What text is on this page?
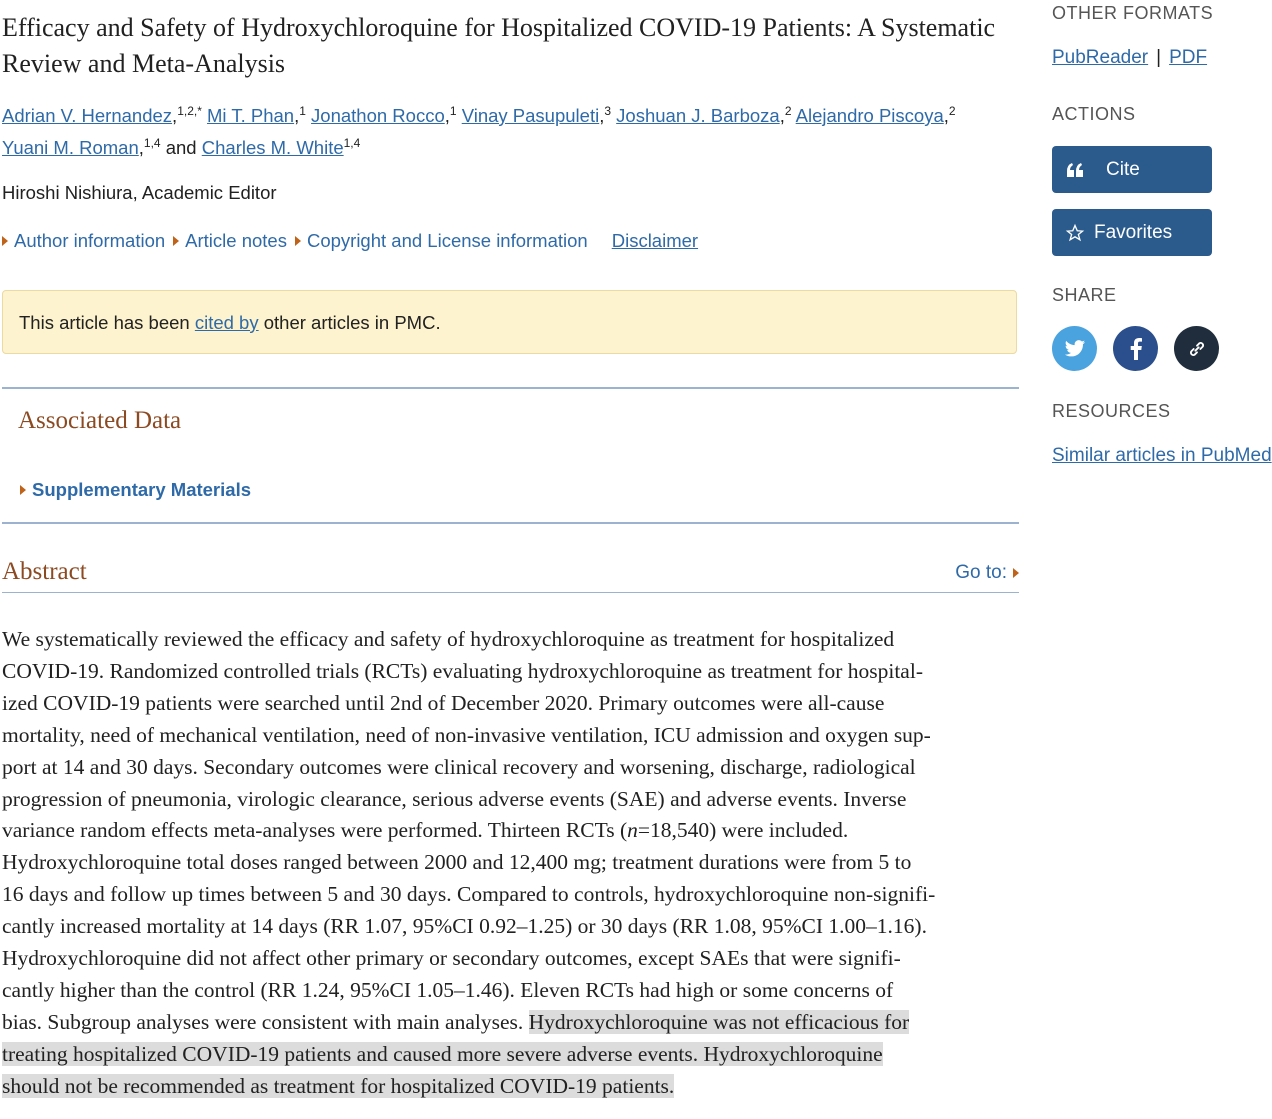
Efficacy and Safety of Hydroxychloroquine for Hospitalized COVID-19 Patients: A Systematic Review and Meta-Analysis
Adrian V. Hernandez,$^{1,2,*}$ Mi T. Phan,$^1$ Jonathon Rocco,$^1$ Vinay Pasupuleti,$^3$ Joshuan J. Barboza,$^2$ Alejandro Piscoya,$^2$
Yuani M. Roman,$^{1,4}$ and Charles M. White$^{1,4}$
Hiroshi Nishiura, Academic Editor
Author information Article notes Copyright and License information Disclaimer
This article has been cited by other articles in PMC.
Associated Data
Supplementary Materials
Abstract	Go to:
We systematically reviewed the efficacy and safety of hydroxychloroquine as treatment for hospitalized
COVID-19. Randomized controlled trials (RCTs) evaluating hydroxychloroquine as treatment for hospital-
ized COVID-19 patients were searched until 2nd of December 2020. Primary outcomes were all-cause
mortality, need of mechanical ventilation, need of non-invasive ventilation, ICU admission and oxygen sup-
port at 14 and 30 days. Secondary outcomes were clinical recovery and worsening, discharge, radiological
progression of pneumonia, virologic clearance, serious adverse events (SAE) and adverse events. Inverse
variance random effects meta-analyses were performed. Thirteen RCTs (n=18,540) were included.
Hydroxychloroquine total doses ranged between 2000 and 12,400 mg; treatment durations were from 5 to
16 days and follow up times between 5 and 30 days. Compared to controls, hydroxychloroquine non-signifi-
cantly increased mortality at 14 days (RR 1.07, 95%CI 0.92–1.25) or 30 days (RR 1.08, 95%CI 1.00–1.16).
Hydroxychloroquine did not affect other primary or secondary outcomes, except SAEs that were signifi-
cantly higher than the control (RR 1.24, 95%CI 1.05–1.46). Eleven RCTs had high or some concerns of
bias. Subgroup analyses were consistent with main analyses. Hydroxychloroquine was not efficacious for
treating hospitalized COVID-19 patients and caused more severe adverse events. Hydroxychloroquine
should not be recommended as treatment for hospitalized COVID-19 patients.
OTHER FORMATS
PubReader | PDF
ACTIONS
Cite
Favorites
SHARE
RESOURCES
Similar articles in PubMed
